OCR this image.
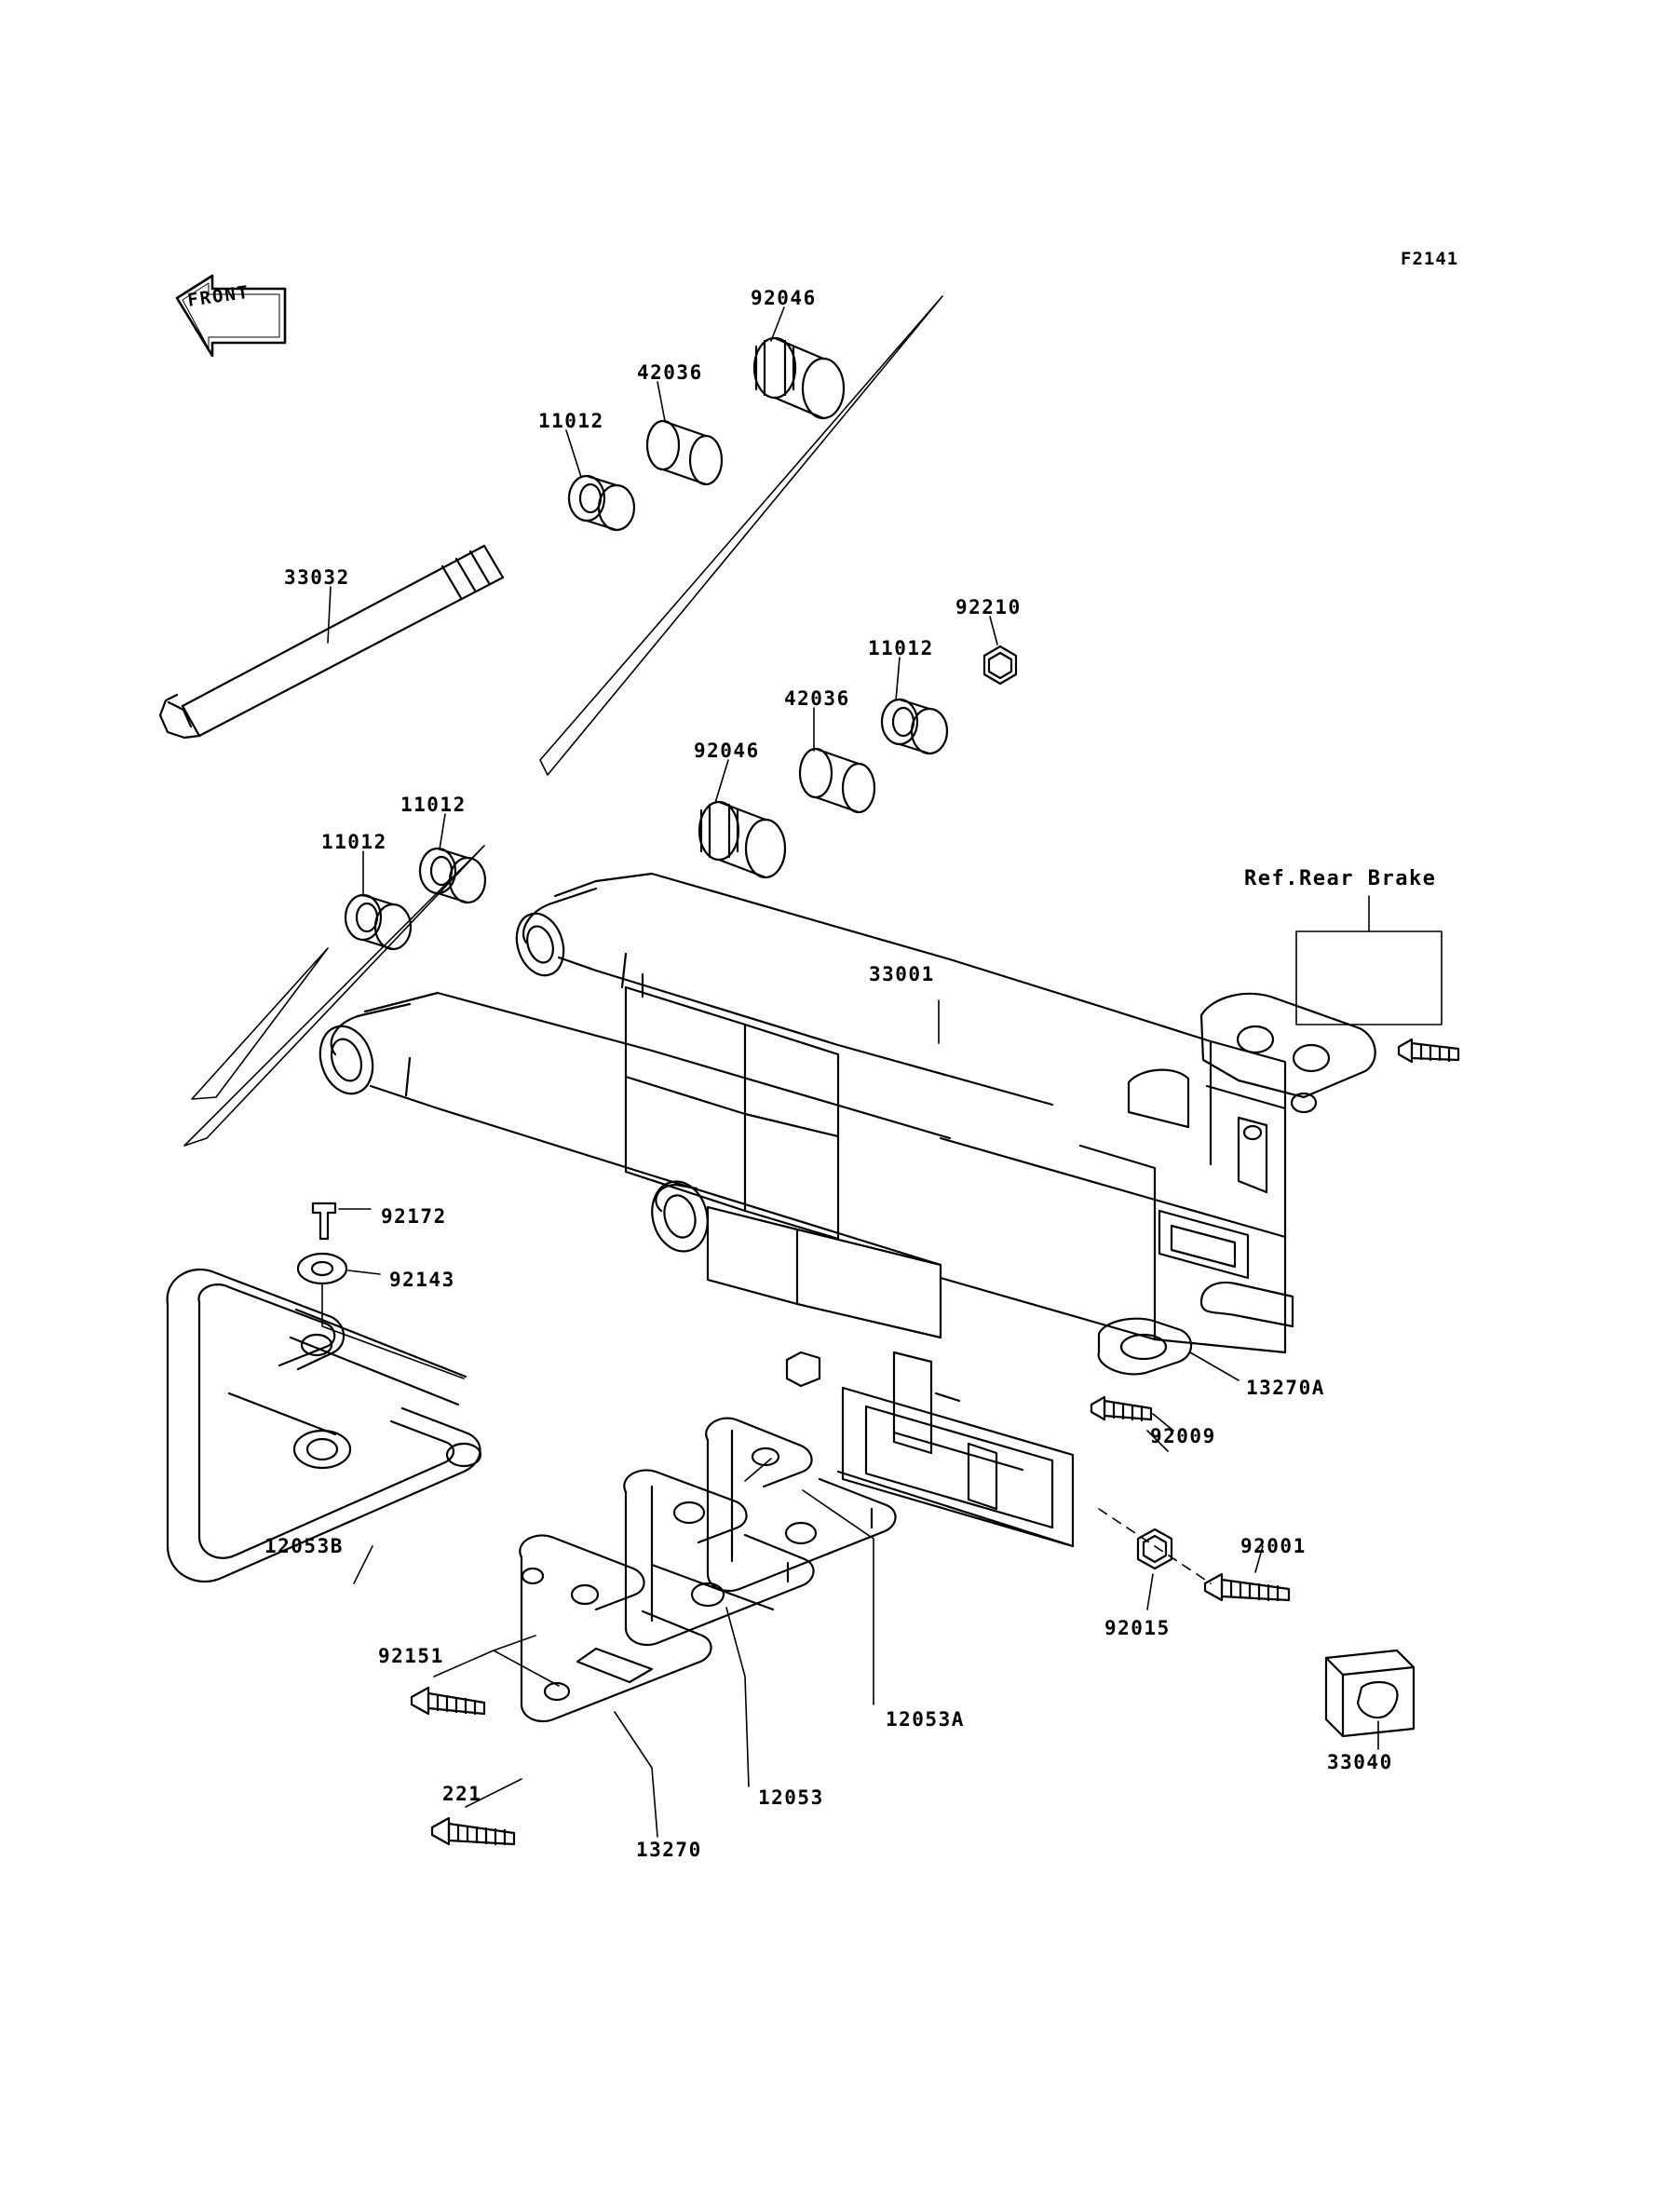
F2141
Ref.Rear Brake
FRONT	92046
42036
11012
33032
92210
11012
42036
92046
11012
11012
33001
92172
92143
13270A
92009
12053B	92001
92015
92151
12053A
33040
221	12053
13270
